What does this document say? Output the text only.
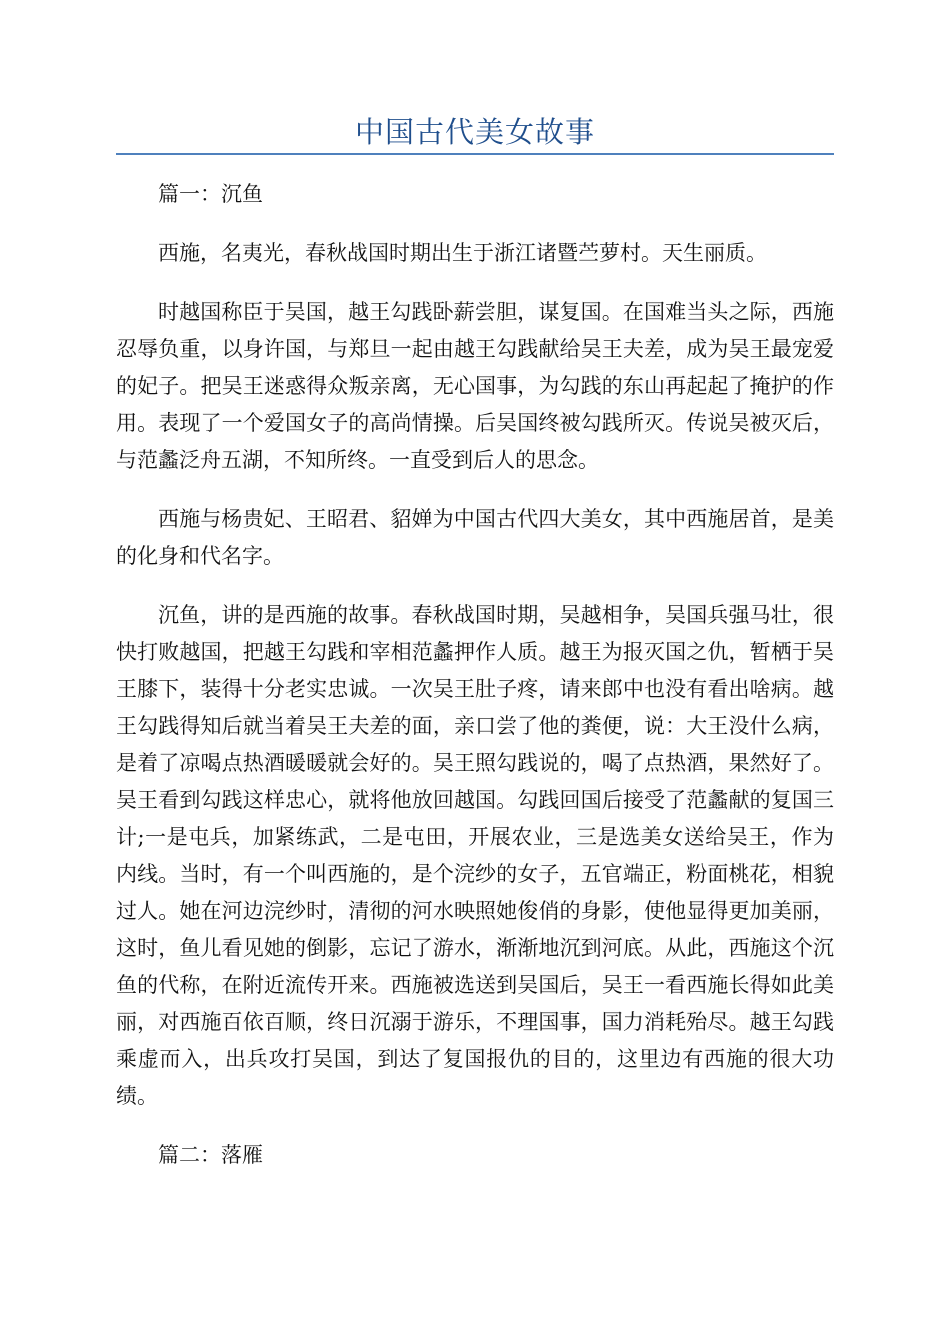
中国古代美女故事

篇一：沉鱼

西施，名夷光，春秋战国时期出生于浙江诸暨苎萝村。天生丽质。

时越国称臣于吴国，越王勾践卧薪尝胆，谋复国。在国难当头之际，西施忍辱负重，以身许国，与郑旦一起由越王勾践献给吴王夫差，成为吴王最宠爱的妃子。把吴王迷惑得众叛亲离，无心国事，为勾践的东山再起起了掩护的作用。表现了一个爱国女子的高尚情操。后吴国终被勾践所灭。传说吴被灭后，与范蠡泛舟五湖，不知所终。一直受到后人的思念。

西施与杨贵妃、王昭君、貂婵为中国古代四大美女，其中西施居首，是美的化身和代名字。

沉鱼，讲的是西施的故事。春秋战国时期，吴越相争，吴国兵强马壮，很快打败越国，把越王勾践和宰相范蠡押作人质。越王为报灭国之仇，暂栖于吴王膝下，装得十分老实忠诚。一次吴王肚子疼，请来郎中也没有看出啥病。越王勾践得知后就当着吴王夫差的面，亲口尝了他的粪便，说：大王没什么病，是着了凉喝点热酒暖暖就会好的。吴王照勾践说的，喝了点热酒，果然好了。吴王看到勾践这样忠心，就将他放回越国。勾践回国后接受了范蠡献的复国三计;一是屯兵，加紧练武，二是屯田，开展农业，三是选美女送给吴王，作为内线。当时，有一个叫西施的，是个浣纱的女子，五官端正，粉面桃花，相貌过人。她在河边浣纱时，清彻的河水映照她俊俏的身影，使他显得更加美丽，这时，鱼儿看见她的倒影，忘记了游水，渐渐地沉到河底。从此，西施这个沉鱼的代称，在附近流传开来。西施被选送到吴国后，吴王一看西施长得如此美丽，对西施百依百顺，终日沉溺于游乐，不理国事，国力消耗殆尽。越王勾践乘虚而入，出兵攻打吴国，到达了复国报仇的目的，这里边有西施的很大功绩。

篇二：落雁
